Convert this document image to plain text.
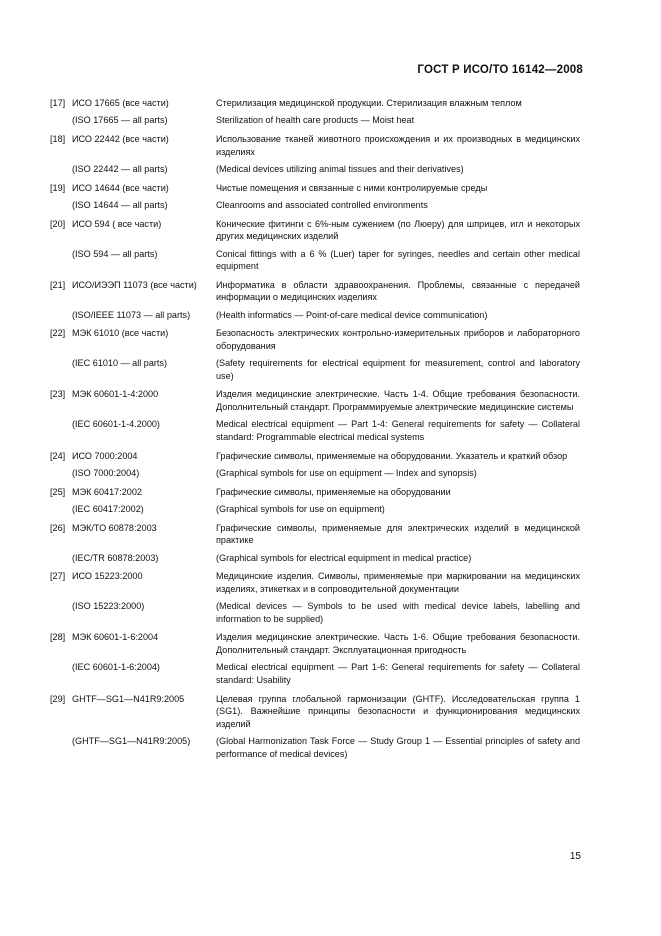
ГОСТ Р ИСО/ТО 16142—2008
[17] ИСО 17665 (все части)	Стерилизация медицинской продукции. Стерилизация влажным теплом
(ISO 17665 — all parts)	Sterilization of health care products — Moist heat
[18] ИСО 22442 (все части)	Использование тканей животного происхождения и их производных в медицинских изделиях
(ISO 22442 — all parts)	(Medical devices utilizing animal tissues and their derivatives)
[19] ИСО 14644 (все части)	Чистые помещения и связанные с ними контролируемые среды
(ISO 14644 — all parts)	Cleanrooms and associated controlled environments
[20] ИСО 594 ( все части)	Конические фитинги с 6%-ным сужением (по Люеру) для шприцев, игл и некоторых других медицинских изделий
(ISO 594 — all parts)	Conical fittings with a 6 % (Luer) taper for syringes, needles and certain other medical equipment
[21] ИСО/ИЭЭП 11073 (все части)	Информатика в области здравоохранения. Проблемы, связанные с передачей информации о медицинских изделиях
(ISO/IEEE 11073 — all parts)	(Health informatics — Point-of-care medical device communication)
[22] МЭК 61010 (все части)	Безопасность электрических контрольно-измерительных приборов и лабораторного оборудования
(IEC 61010 — all parts)	(Safety requirements for electrical equipment for measurement, control and laboratory use)
[23] МЭК 60601-1-4:2000	Изделия медицинские электрические. Часть 1-4. Общие требования безопасности. Дополнительный стандарт. Программируемые электрические медицинские системы
(IEC 60601-1-4.2000)	Medical electrical equipment — Part 1-4: General requirements for safety — Collateral standard: Programmable electrical medical systems
[24] ИСО 7000:2004	Графические символы, применяемые на оборудовании. Указатель и краткий обзор
(ISO 7000:2004)	(Graphical symbols for use on equipment — Index and synopsis)
[25] МЭК 60417:2002	Графические символы, применяемые на оборудовании
(IEC 60417:2002)	(Graphical symbols for use on equipment)
[26] МЭК/ТО 60878:2003	Графические символы, применяемые для электрических изделий в медицинской практике
(IEC/TR 60878:2003)	(Graphical symbols for electrical equipment in medical practice)
[27] ИСО 15223:2000	Медицинские изделия. Символы, применяемые при маркировании на медицинских изделиях, этикетках и в сопроводительной документации
(ISO 15223:2000)	(Medical devices — Symbols to be used with medical device labels, labelling and information to be supplied)
[28] МЭК 60601-1-6:2004	Изделия медицинские электрические. Часть 1-6. Общие требования безопасности. Дополнительный стандарт. Эксплуатационная пригодность
(IEC 60601-1-6:2004)	Medical electrical equipment — Part 1-6: General requirements for safety — Collateral standard: Usability
[29] GHTF—SG1—N41R9:2005	Целевая группа глобальной гармонизации (GHTF). Исследовательская группа 1 (SG1). Важнейшие принципы безопасности и функционирования медицинских изделий
(GHTF—SG1—N41R9:2005)	(Global Harmonization Task Force — Study Group 1 — Essential principles of safety and performance of medical devices)
15
